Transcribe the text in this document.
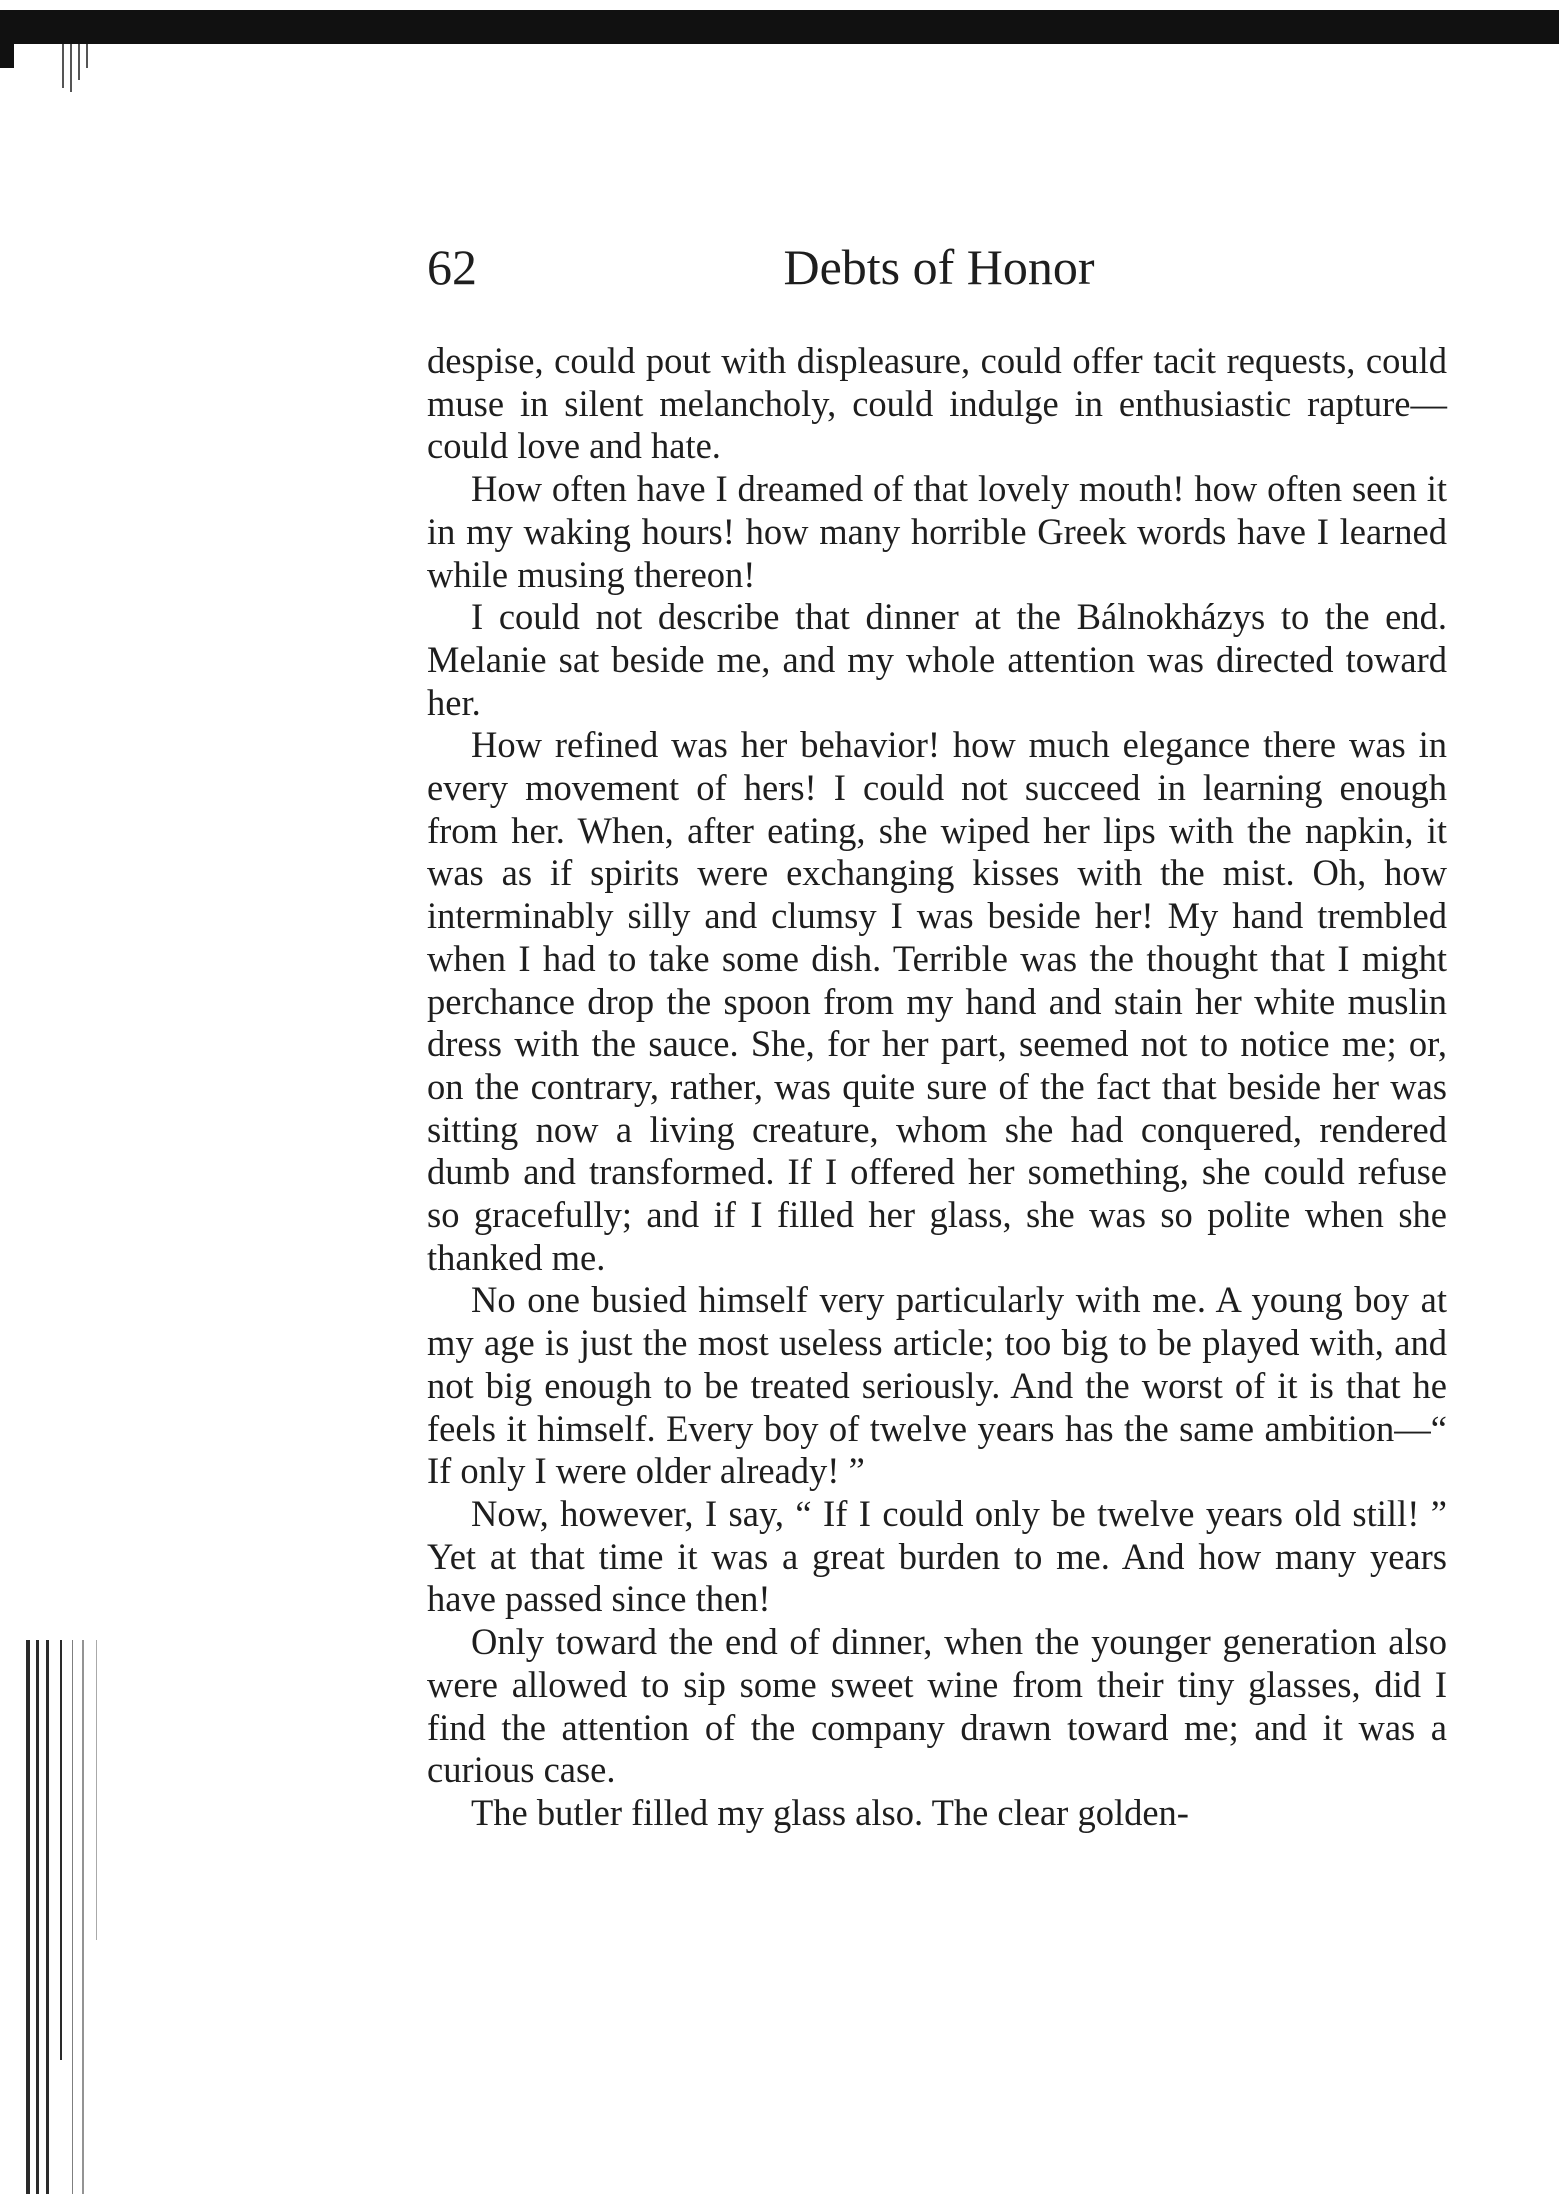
62	Debts of Honor

despise, could pout with displeasure, could offer tacit requests, could muse in silent melancholy, could indulge in enthusiastic rapture—could love and hate.

How often have I dreamed of that lovely mouth! how often seen it in my waking hours! how many horrible Greek words have I learned while musing thereon!

I could not describe that dinner at the Bálnokházys to the end. Melanie sat beside me, and my whole attention was directed toward her.

How refined was her behavior! how much elegance there was in every movement of hers! I could not succeed in learning enough from her. When, after eating, she wiped her lips with the napkin, it was as if spirits were exchanging kisses with the mist. Oh, how interminably silly and clumsy I was beside her! My hand trembled when I had to take some dish. Terrible was the thought that I might perchance drop the spoon from my hand and stain her white muslin dress with the sauce. She, for her part, seemed not to notice me; or, on the contrary, rather, was quite sure of the fact that beside her was sitting now a living creature, whom she had conquered, rendered dumb and transformed. If I offered her something, she could refuse so gracefully; and if I filled her glass, she was so polite when she thanked me.

No one busied himself very particularly with me. A young boy at my age is just the most useless article; too big to be played with, and not big enough to be treated seriously. And the worst of it is that he feels it himself. Every boy of twelve years has the same ambition—“ If only I were older already! ”

Now, however, I say, “ If I could only be twelve years old still! ” Yet at that time it was a great burden to me. And how many years have passed since then!

Only toward the end of dinner, when the younger generation also were allowed to sip some sweet wine from their tiny glasses, did I find the attention of the company drawn toward me; and it was a curious case.

The butler filled my glass also. The clear golden-
